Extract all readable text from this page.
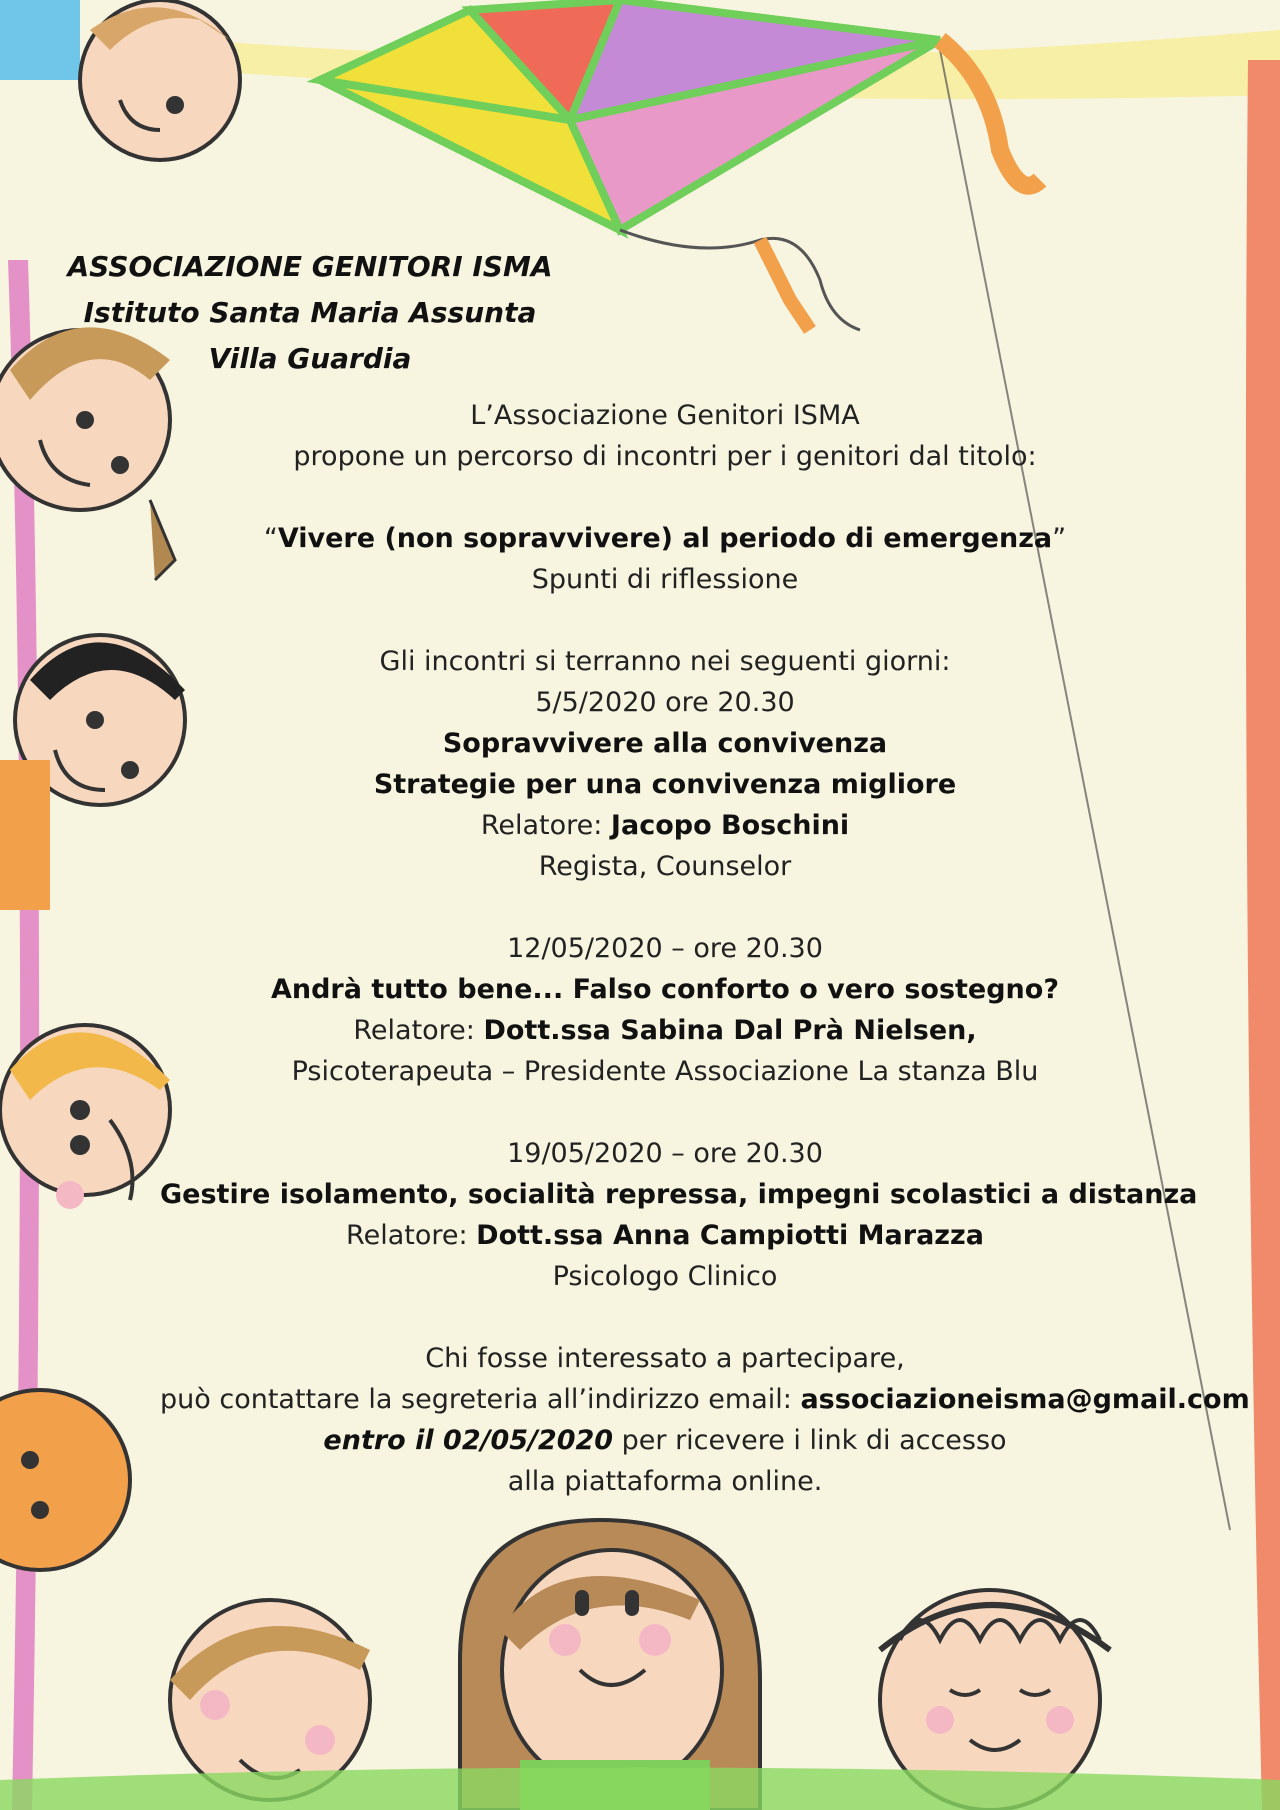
ASSOCIAZIONE GENITORI ISMA
Istituto Santa Maria Assunta
Villa Guardia
L’Associazione Genitori ISMA
propone un percorso di incontri per i genitori dal titolo:
“Vivere (non sopravvivere) al periodo di emergenza”
Spunti di riflessione
Gli incontri si terranno nei seguenti giorni:
5/5/2020 ore 20.30
Sopravvivere alla convivenza
Strategie per una convivenza migliore
Relatore: Jacopo Boschini
Regista, Counselor
12/05/2020 – ore 20.30
Andrà tutto bene... Falso conforto o vero sostegno?
Relatore: Dott.ssa Sabina Dal Prà Nielsen,
Psicoterapeuta – Presidente Associazione La stanza Blu
19/05/2020 – ore 20.30
Gestire isolamento, socialità repressa, impegni scolastici a distanza
Relatore: Dott.ssa Anna Campiotti Marazza
Psicologo Clinico
Chi fosse interessato a partecipare,
può contattare la segreteria all’indirizzo email: associazioneisma@gmail.com
entro il 02/05/2020 per ricevere i link di accesso
alla piattaforma online.
